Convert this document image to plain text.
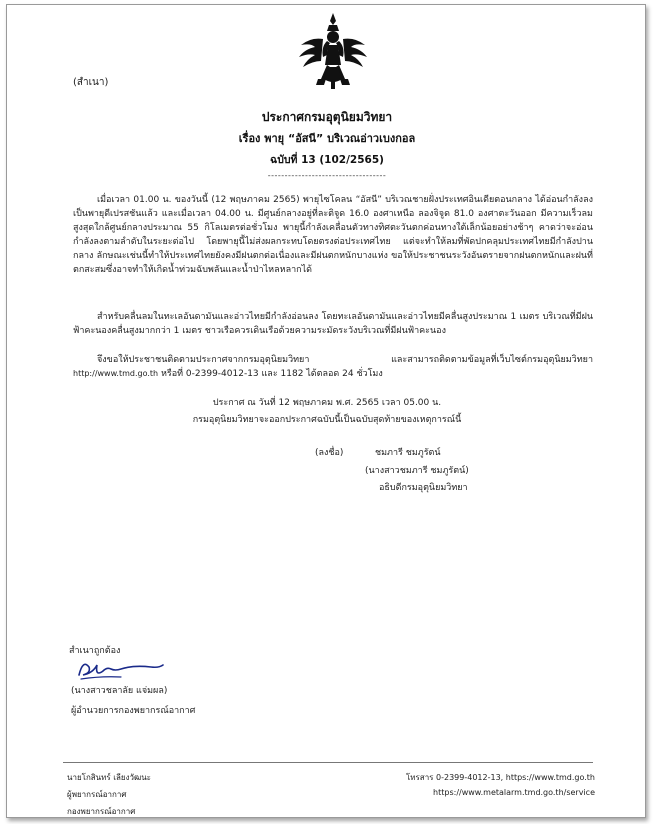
(สำเนา)
ประกาศกรมอุตุนิยมวิทยา
เรื่อง พายุ “อัสนี” บริเวณอ่าวเบงกอล
ฉบับที่ 13 (102/2565)
-----------------------------------
เมื่อเวลา 01.00 น. ของวันนี้ (12 พฤษภาคม 2565) พายุไซโคลน “อัสนี” บริเวณชายฝั่งประเทศอินเดียตอนกลาง ได้อ่อนกำลังลงเป็นพายุดีเปรสชันแล้ว และเมื่อเวลา 04.00 น. มีศูนย์กลางอยู่ที่ละติจูด 16.0 องศาเหนือ ลองจิจูด 81.0 องศาตะวันออก มีความเร็วลมสูงสุดใกล้ศูนย์กลางประมาณ 55 กิโลเมตรต่อชั่วโมง พายุนี้กำลังเคลื่อนตัวทางทิศตะวันตกค่อนทางใต้เล็กน้อยอย่างช้าๆ คาดว่าจะอ่อนกำลังลงตามลำดับในระยะต่อไป โดยพายุนี้ไม่ส่งผลกระทบโดยตรงต่อประเทศไทย แต่จะทำให้ลมที่พัดปกคลุมประเทศไทยมีกำลังปานกลาง ลักษณะเช่นนี้ทำให้ประเทศไทยยังคงมีฝนตกต่อเนื่องและมีฝนตกหนักบางแห่ง ขอให้ประชาชนระวังอันตรายจากฝนตกหนักและฝนที่ตกสะสมซึ่งอาจทำให้เกิดน้ำท่วมฉับพลันและน้ำป่าไหลหลากได้
สำหรับคลื่นลมในทะเลอันดามันและอ่าวไทยมีกำลังอ่อนลง โดยทะเลอันดามันและอ่าวไทยมีคลื่นสูงประมาณ 1 เมตร บริเวณที่มีฝนฟ้าคะนองคลื่นสูงมากกว่า 1 เมตร ชาวเรือควรเดินเรือด้วยความระมัดระวังบริเวณที่มีฝนฟ้าคะนอง
จึงขอให้ประชาชนติดตามประกาศจากกรมอุตุนิยมวิทยา และสามารถติดตามข้อมูลที่เว็บไซต์กรมอุตุนิยมวิทยา http://www.tmd.go.th หรือที่ 0-2399-4012-13 และ 1182 ได้ตลอด 24 ชั่วโมง
ประกาศ ณ วันที่ 12 พฤษภาคม พ.ศ. 2565 เวลา 05.00 น.
กรมอุตุนิยมวิทยาจะออกประกาศฉบับนี้เป็นฉบับสุดท้ายของเหตุการณ์นี้
(ลงชื่อ)	ชมภารี ชมภูรัตน์
(นางสาวชมภารี ชมภูรัตน์)
อธิบดีกรมอุตุนิยมวิทยา
สำเนาถูกต้อง
(นางสาวชลาลัย แจ่มผล)
ผู้อำนวยการกองพยากรณ์อากาศ
นายโกสินทร์ เลียงวัฒนะ
ผู้พยากรณ์อากาศ
กองพยากรณ์อากาศ
โทรสาร 0-2399-4012-13, https://www.tmd.go.th
https://www.metalarm.tmd.go.th/service
